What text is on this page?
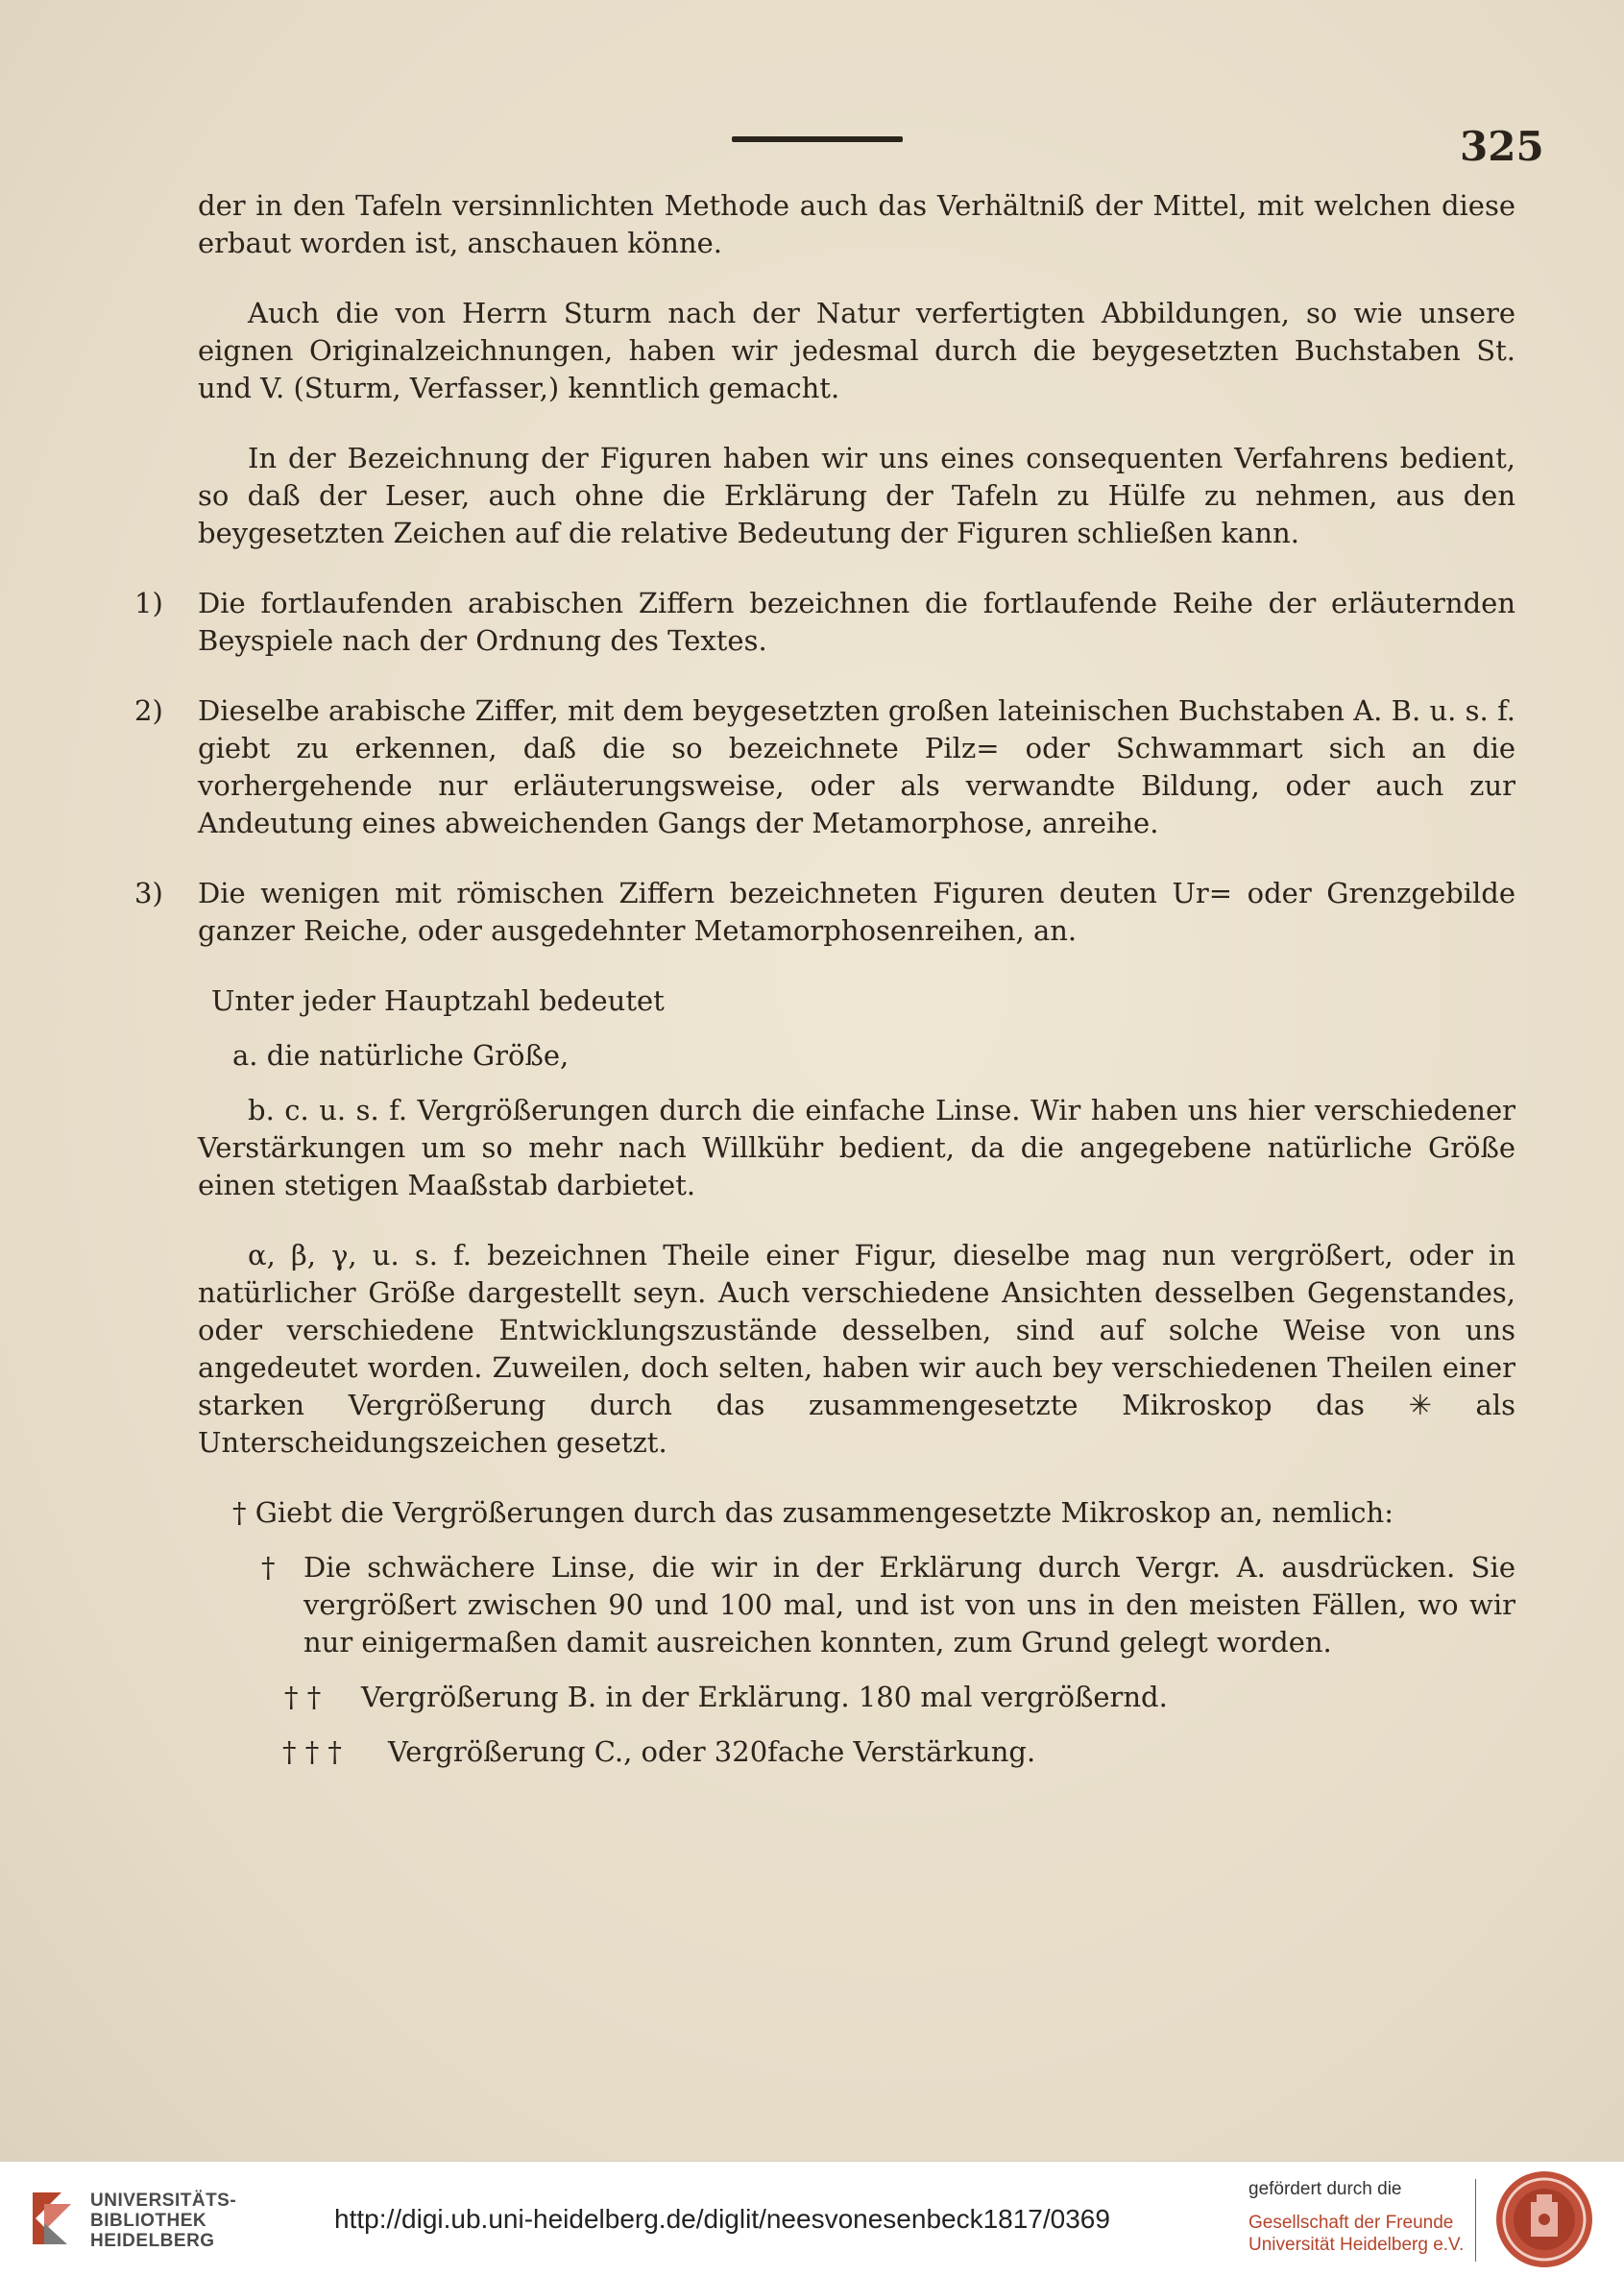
325

der in den Tafeln versinnlichten Methode auch das Verhältniß der Mittel, mit welchen diese erbaut worden ist, anschauen könne.

Auch die von Herrn Sturm nach der Natur verfertigten Abbildungen, so wie unsere eignen Originalzeichnungen, haben wir jedesmal durch die beygesetzten Buchstaben St. und V. (Sturm, Verfasser,) kenntlich gemacht.

In der Bezeichnung der Figuren haben wir uns eines consequenten Verfahrens bedient, so daß der Leser, auch ohne die Erklärung der Tafeln zu Hülfe zu nehmen, aus den beygesetzten Zeichen auf die relative Bedeutung der Figuren schließen kann.

1)	Die fortlaufenden arabischen Ziffern bezeichnen die fortlaufende Reihe der erläuternden Beyspiele nach der Ordnung des Textes.
2)	Dieselbe arabische Ziffer, mit dem beygesetzten großen lateinischen Buchstaben A. B. u. s. f. giebt zu erkennen, daß die so bezeichnete Pilz= oder Schwammart sich an die vorhergehende nur erläuterungsweise, oder als verwandte Bildung, oder auch zur Andeutung eines abweichenden Gangs der Metamorphose, anreihe.
3)	Die wenigen mit römischen Ziffern bezeichneten Figuren deuten Ur= oder Grenzgebilde ganzer Reiche, oder ausgedehnter Metamorphosenreihen, an.

Unter jeder Hauptzahl bedeutet

a. die natürliche Größe,

b. c. u. s. f. Vergrößerungen durch die einfache Linse. Wir haben uns hier verschiedener Verstärkungen um so mehr nach Willkühr bedient, da die angegebene natürliche Größe einen stetigen Maaßstab darbietet.

α, β, γ, u. s. f. bezeichnen Theile einer Figur, dieselbe mag nun vergrößert, oder in natürlicher Größe dargestellt seyn. Auch verschiedene Ansichten desselben Gegenstandes, oder verschiedene Entwicklungszustände desselben, sind auf solche Weise von uns angedeutet worden. Zuweilen, doch selten, haben wir auch bey verschiedenen Theilen einer starken Vergrößerung durch das zusammengesetzte Mikroskop das ✳ als Unterscheidungszeichen gesetzt.

† Giebt die Vergrößerungen durch das zusammengesetzte Mikroskop an, nemlich:

†	Die schwächere Linse, die wir in der Erklärung durch Vergr. A. ausdrücken. Sie vergrößert zwischen 90 und 100 mal, und ist von uns in den meisten Fällen, wo wir nur einigermaßen damit ausreichen konnten, zum Grund gelegt worden.
† †	Vergrößerung B. in der Erklärung. 180 mal vergrößernd.
† † †	Vergrößerung C., oder 320fache Verstärkung.
UNIVERSITÄTS-
BIBLIOTHEK
HEIDELBERG
http://digi.ub.uni-heidelberg.de/diglit/neesvonesenbeck1817/0369
gefördert durch die
Gesellschaft der Freunde
Universität Heidelberg e.V.
